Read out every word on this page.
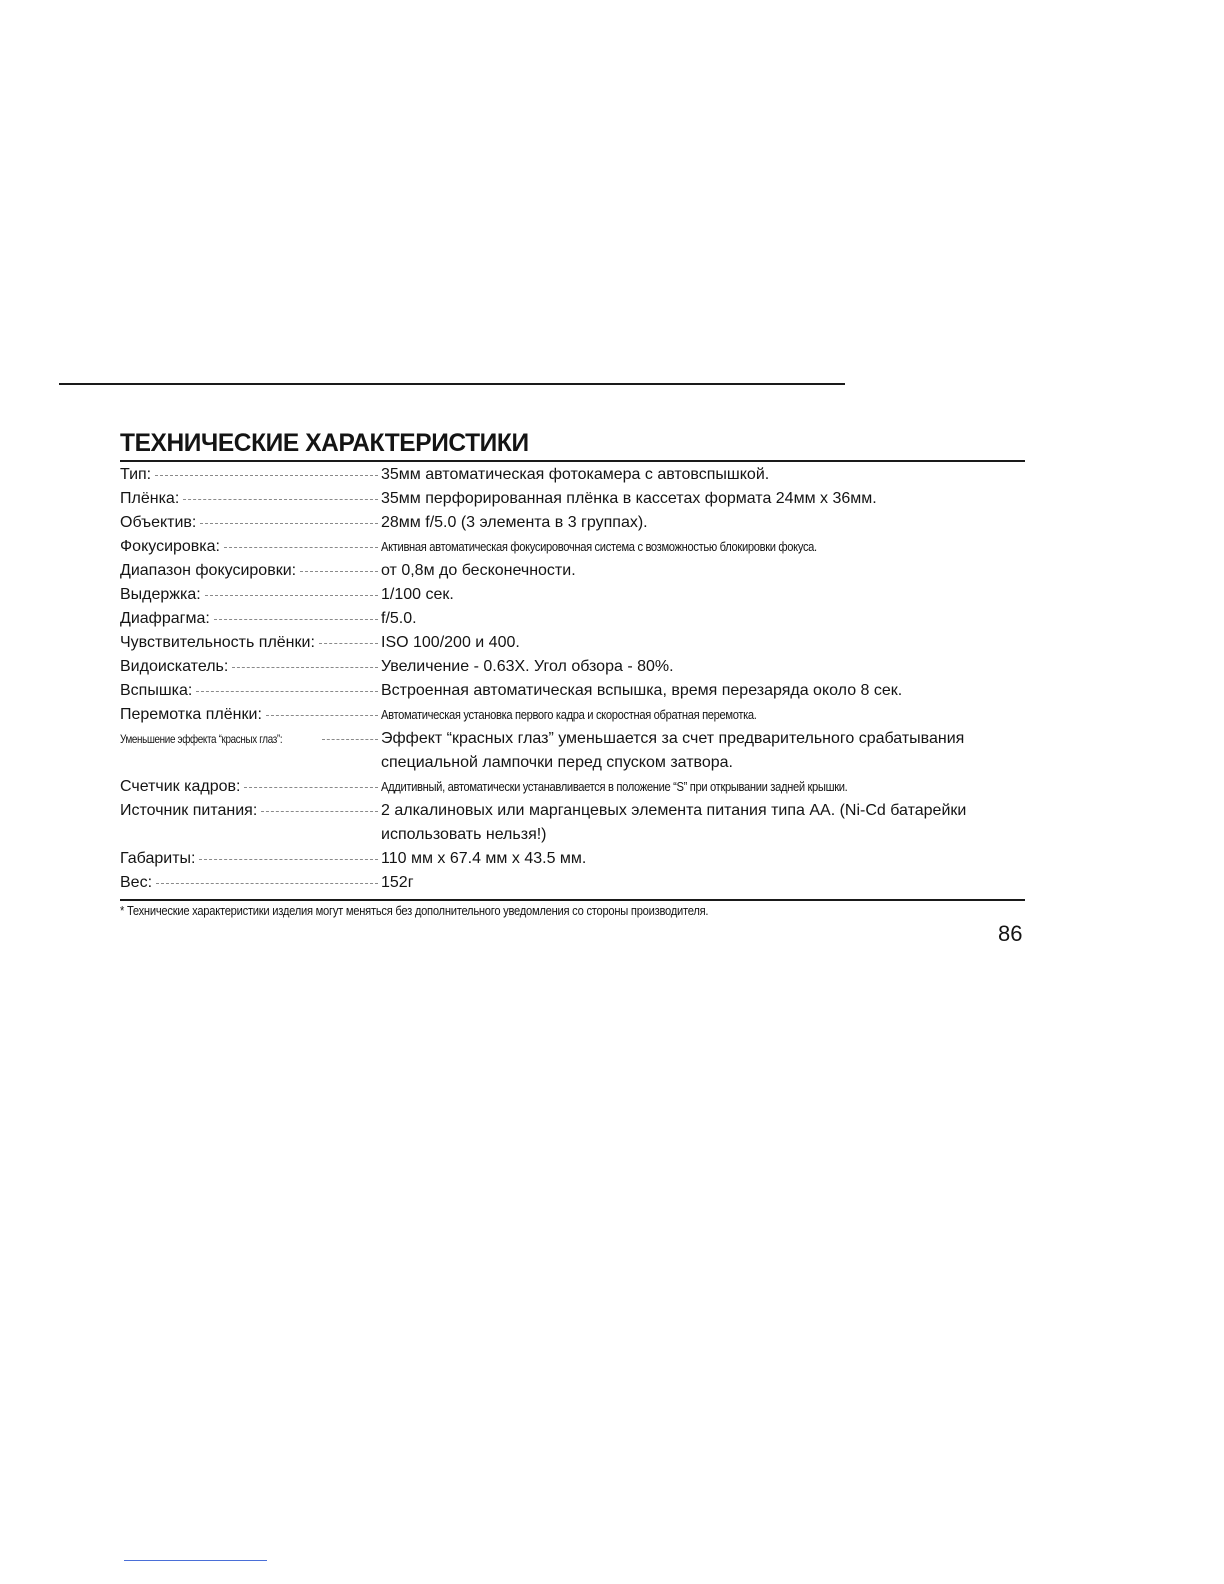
ТЕХНИЧЕСКИЕ ХАРАКТЕРИСТИКИ
Тип:	35мм автоматическая фотокамера с автовспышкой.
Плёнка:	35мм перфорированная плёнка в кассетах формата 24мм х 36мм.
Объектив:	28мм f/5.0 (3 элемента в 3 группах).
Фокусировка:	Активная автоматическая фокусировочная система с возможностью блокировки фокуса.
Диапазон фокусировки:	от 0,8м до бесконечности.
Выдержка:	1/100 сек.
Диафрагма:	f/5.0.
Чувствительность плёнки:	ISO 100/200 и 400.
Видоискатель:	Увеличение - 0.63X. Угол обзора - 80%.
Вспышка:	Встроенная автоматическая вспышка, время перезаряда около 8 сек.
Перемотка плёнки:	Автоматическая установка первого кадра и скоростная обратная перемотка.
Уменьшение эффекта “красных глаз”:	Эффект “красных глаз” уменьшается за счет предварительного срабатывания специальной лампочки перед спуском затвора.
Счетчик кадров:	Аддитивный, автоматически устанавливается в положение “S” при открывании задней крышки.
Источник питания:	2 алкалиновых или марганцевых элемента питания типа АА. (Ni-Cd батарейки использовать нельзя!)
Габариты:	110 мм х 67.4 мм х 43.5 мм.
Вес:	152г
* Технические характеристики изделия могут меняться без дополнительного уведомления со стороны производителя.
86
